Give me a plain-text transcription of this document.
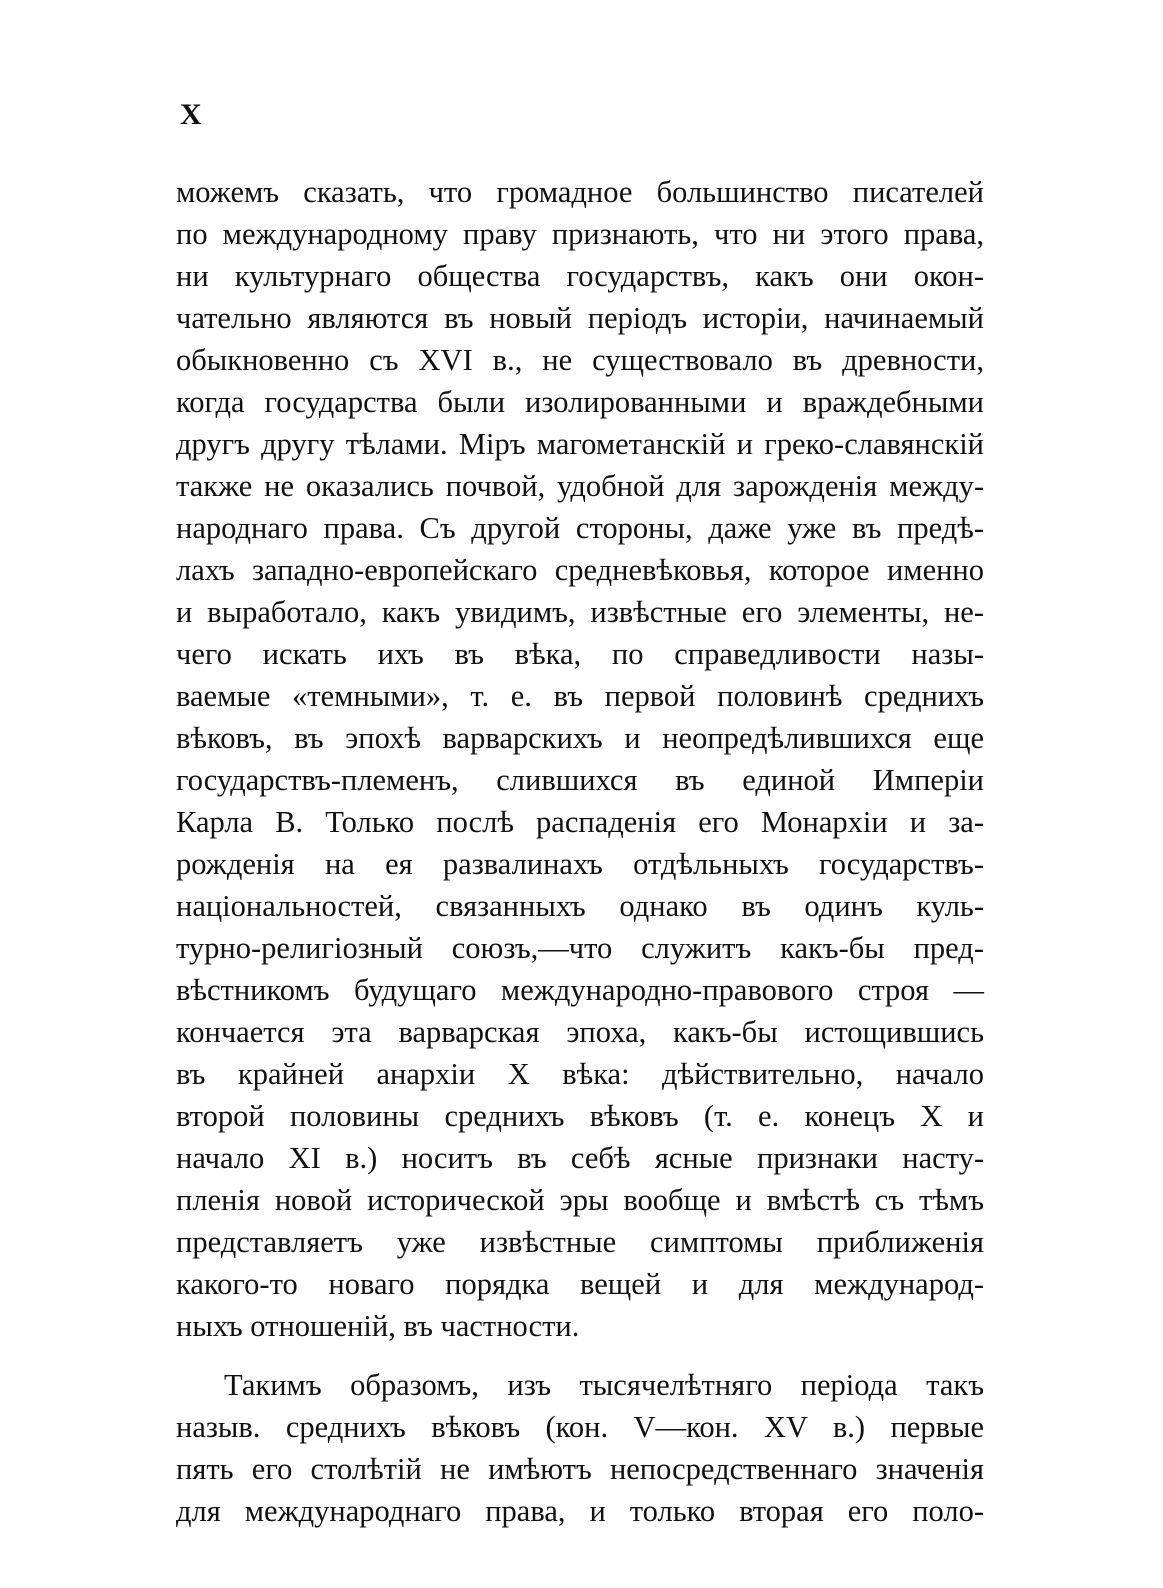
X
можемъ сказать, что громадное большинство писателей
по международному праву признають, что ни этого права,
ни культурнаго общества государствъ, какъ они окон-
чательно являются въ новый періодъ исторіи, начинаемый
обыкновенно съ XVI в., не существовало въ древности,
когда государства были изолированными и враждебными
другъ другу тѣлами. Міръ магометанскій и греко-славянскій
также не оказались почвой, удобной для зарожденія между-
народнаго права. Съ другой стороны, даже уже въ предѣ-
лахъ западно-европейскаго средневѣковья, которое именно
и выработало, какъ увидимъ, извѣстные его элементы, не-
чего искать ихъ въ вѣка, по справедливости назы-
ваемые «темными», т. е. въ первой половинѣ среднихъ
вѣковъ, въ эпохѣ варварскихъ и неопредѣлившихся еще
государствъ-племенъ, слившихся въ единой Имперіи
Карла В. Только послѣ распаденія его Монархіи и за-
рожденія на ея развалинахъ отдѣльныхъ государствъ-
національностей, связанныхъ однако въ одинъ куль-
турно-религіозный союзъ,—что служитъ какъ-бы пред-
вѣстникомъ будущаго международно-правового строя —
кончается эта варварская эпоха, какъ-бы истощившись
въ крайней анархіи X вѣка: дѣйствительно, начало
второй половины среднихъ вѣковъ (т. е. конецъ X и
начало XI в.) носитъ въ себѣ ясные признаки насту-
пленія новой исторической эры вообще и вмѣстѣ съ тѣмъ
представляетъ уже извѣстные симптомы приближенія
какого-то новаго порядка вещей и для международ-
ныхъ отношеній, въ частности.
Такимъ образомъ, изъ тысячелѣтняго періода такъ
назыв. среднихъ вѣковъ (кон. V—кон. XV в.) первые
пять его столѣтій не имѣютъ непосредственнаго значенія
для международнаго права, и только вторая его поло-
